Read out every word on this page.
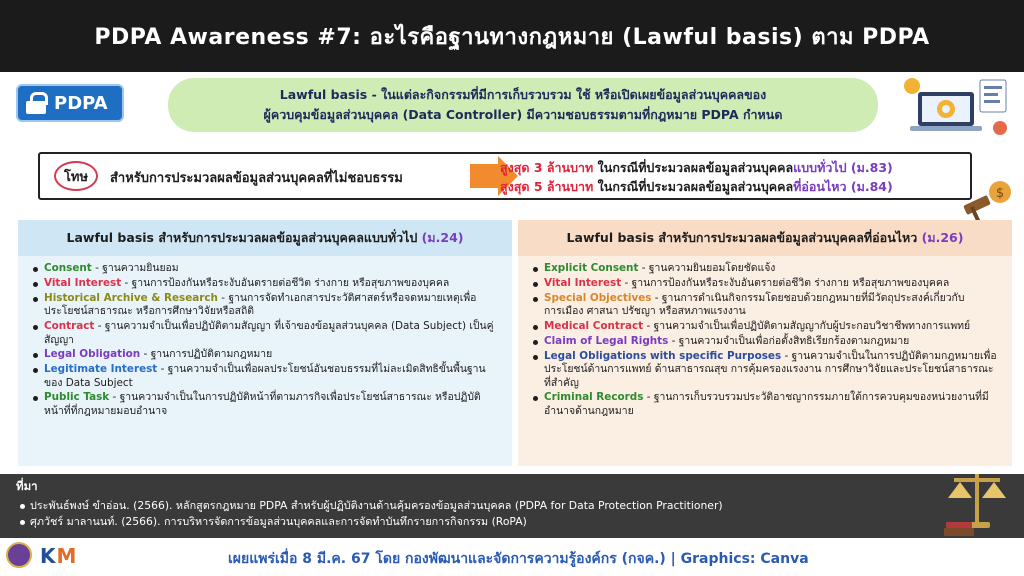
PDPA Awareness #7: อะไรคือฐานทางกฎหมาย (Lawful basis) ตาม PDPA
PDPA	Lawful basis - ในแต่ละกิจกรรมที่มีการเก็บรวบรวม ใช้ หรือเปิดเผยข้อมูลส่วนบุคคลของ

ผู้ควบคุมข้อมูลส่วนบุคคล (Data Controller) มีความชอบธรรมตามที่กฎหมาย PDPA กำหนด

โทษ	สำหรับการประมวลผลข้อมูลส่วนบุคคลที่ไม่ชอบธรรม
สูงสุด 3 ล้านบาท ในกรณีที่ประมวลผลข้อมูลส่วนบุคคลแบบทั่วไป (ม.83)
สูงสุด 5 ล้านบาท ในกรณีที่ประมวลผลข้อมูลส่วนบุคคลที่อ่อนไหว (ม.84)	$
Lawful basis สำหรับการประมวลผลข้อมูลส่วนบุคคลแบบทั่วไป
(ม.24)
Consent - ฐานความยินยอม
Vital Interest - ฐานการป้องกันหรือระงับอันตรายต่อชีวิต ร่างกาย หรือสุขภาพของบุคคล
Historical Archive & Research - ฐานการจัดทำเอกสารประวัติศาสตร์หรือจดหมายเหตุเพื่อประโยชน์สาธารณะ หรือการศึกษาวิจัยหรือสถิติ
Contract - ฐานความจำเป็นเพื่อปฏิบัติตามสัญญา ที่เจ้าของข้อมูลส่วนบุคคล (Data Subject) เป็นคู่สัญญา
Legal Obligation - ฐานการปฏิบัติตามกฎหมาย
Legitimate Interest - ฐานความจำเป็นเพื่อผลประโยชน์อันชอบธรรมที่ไม่ละเมิดสิทธิขั้นพื้นฐานของ Data Subject
Public Task - ฐานความจำเป็นในการปฏิบัติหน้าที่ตามภารกิจเพื่อประโยชน์สาธารณะ หรือปฏิบัติหน้าที่ที่กฎหมายมอบอำนาจ
Lawful basis สำหรับการประมวลผลข้อมูลส่วนบุคคลที่อ่อนไหว
(ม.26)
Explicit Consent - ฐานความยินยอมโดยชัดแจ้ง
Vital Interest - ฐานการป้องกันหรือระงับอันตรายต่อชีวิต ร่างกาย หรือสุขภาพของบุคคล
Special Objectives - ฐานการดำเนินกิจกรรมโดยชอบด้วยกฎหมายที่มีวัตถุประสงค์เกี่ยวกับการเมือง ศาสนา ปรัชญา หรือสหภาพแรงงาน
Medical Contract - ฐานความจำเป็นเพื่อปฏิบัติตามสัญญากับผู้ประกอบวิชาชีพทางการแพทย์
Claim of Legal Rights - ฐานความจำเป็นเพื่อก่อตั้งสิทธิเรียกร้องตามกฎหมาย
Legal Obligations with specific Purposes - ฐานความจำเป็นในการปฏิบัติตามกฎหมายเพื่อประโยชน์ด้านการแพทย์ ด้านสาธารณสุข การคุ้มครองแรงงาน การศึกษาวิจัยและประโยชน์สาธารณะที่สำคัญ
Criminal Records - ฐานการเก็บรวบรวมประวัติอาชญากรรมภายใต้การควบคุมของหน่วยงานที่มีอำนาจด้านกฎหมาย
ที่มา
ประพันธ์พงษ์ ขำอ่อน. (2566). หลักสูตรกฎหมาย PDPA สำหรับผู้ปฏิบัติงานด้านคุ้มครองข้อมูลส่วนบุคคล (PDPA for Data Protection Practitioner)
ศุภวัชร์ มาลานนท์. (2566). การบริหารจัดการข้อมูลส่วนบุคคลและการจัดทำบันทึกรายการกิจกรรม (RoPA)
KM	เผยแพร่เมื่อ 8 มี.ค. 67 โดย กองพัฒนาและจัดการความรู้องค์กร (กจค.) | Graphics: Canva
